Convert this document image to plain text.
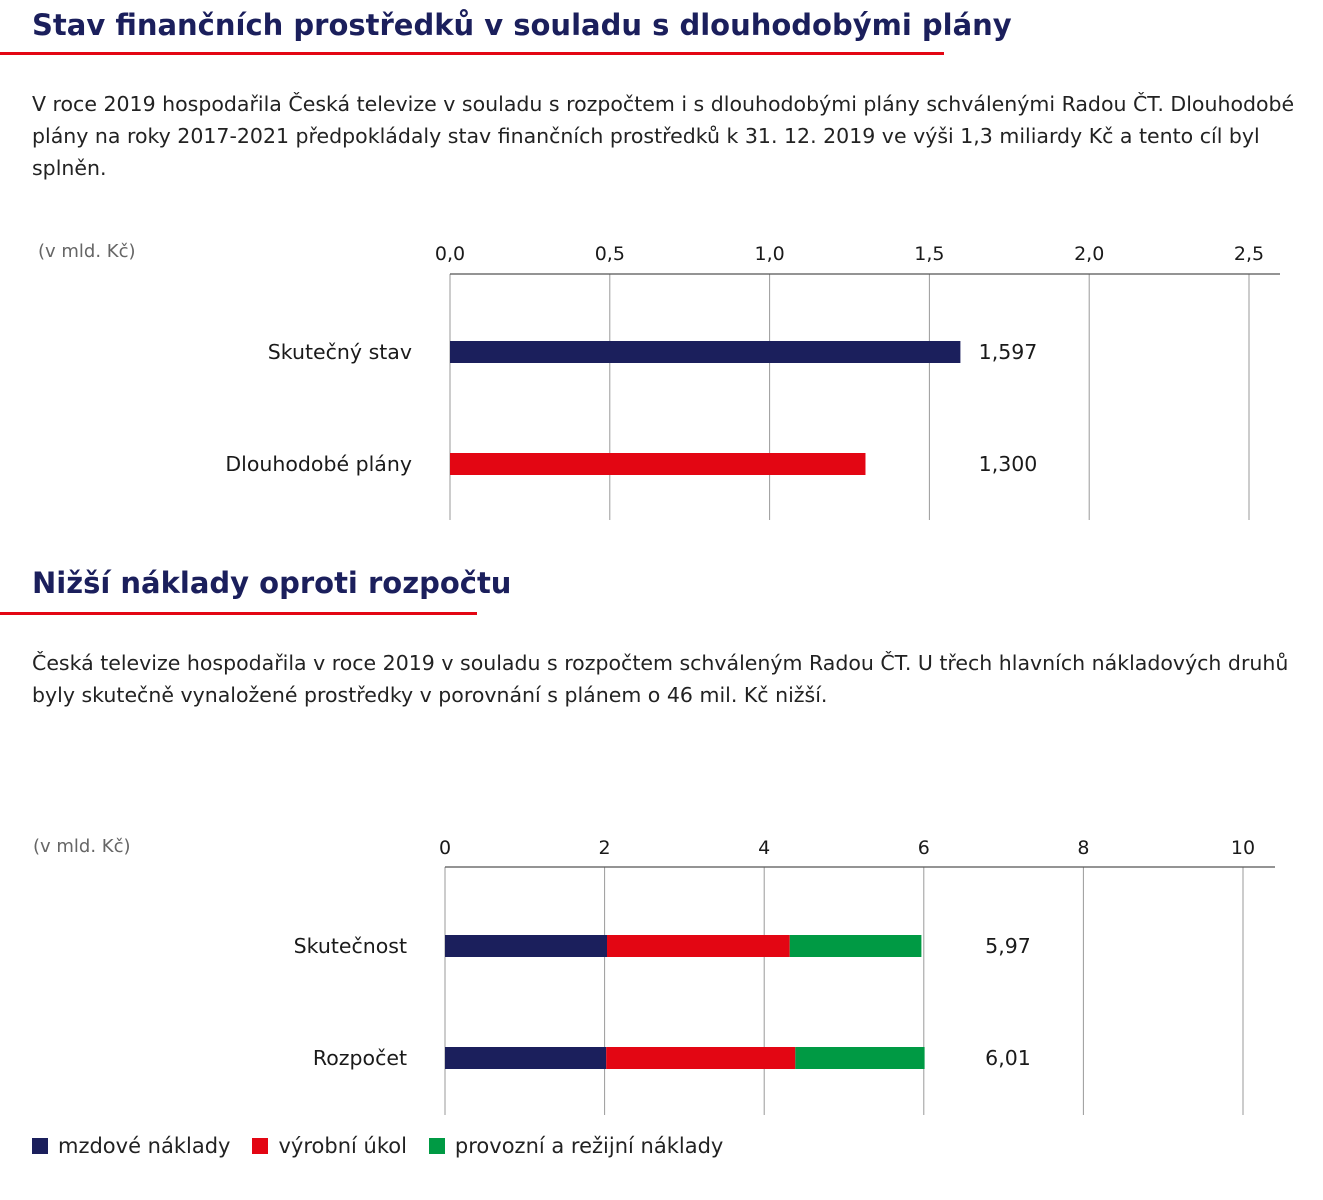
Stav finančních prostředků v souladu s dlouhodobými plány

V roce 2019 hospodařila Česká televize v souladu s rozpočtem i s dlouhodobými plány schválenými Radou ČT. Dlouhodobé plány na roky 2017-2021 předpokládaly stav finančních prostředků k 31. 12. 2019 ve výši 1,3 miliardy Kč a tento cíl byl splněn.

(v mld. Kč)	0,0	0,5	1,0	1,5	2,0	2,5
Skutečný stav	1,597
Dlouhodobé plány	1,300
Nižší náklady oproti rozpočtu

Česká televize hospodařila v roce 2019 v souladu s rozpočtem schváleným Radou ČT. U třech hlavních nákladových druhů byly skutečně vynaložené prostředky v porovnání s plánem o 46 mil. Kč nižší.

(v mld. Kč)	0	2	4	6	8	10
Skutečnost	5,97
Rozpočet	6,01
mzdové náklady výrobní úkol provozní a režijní náklady
